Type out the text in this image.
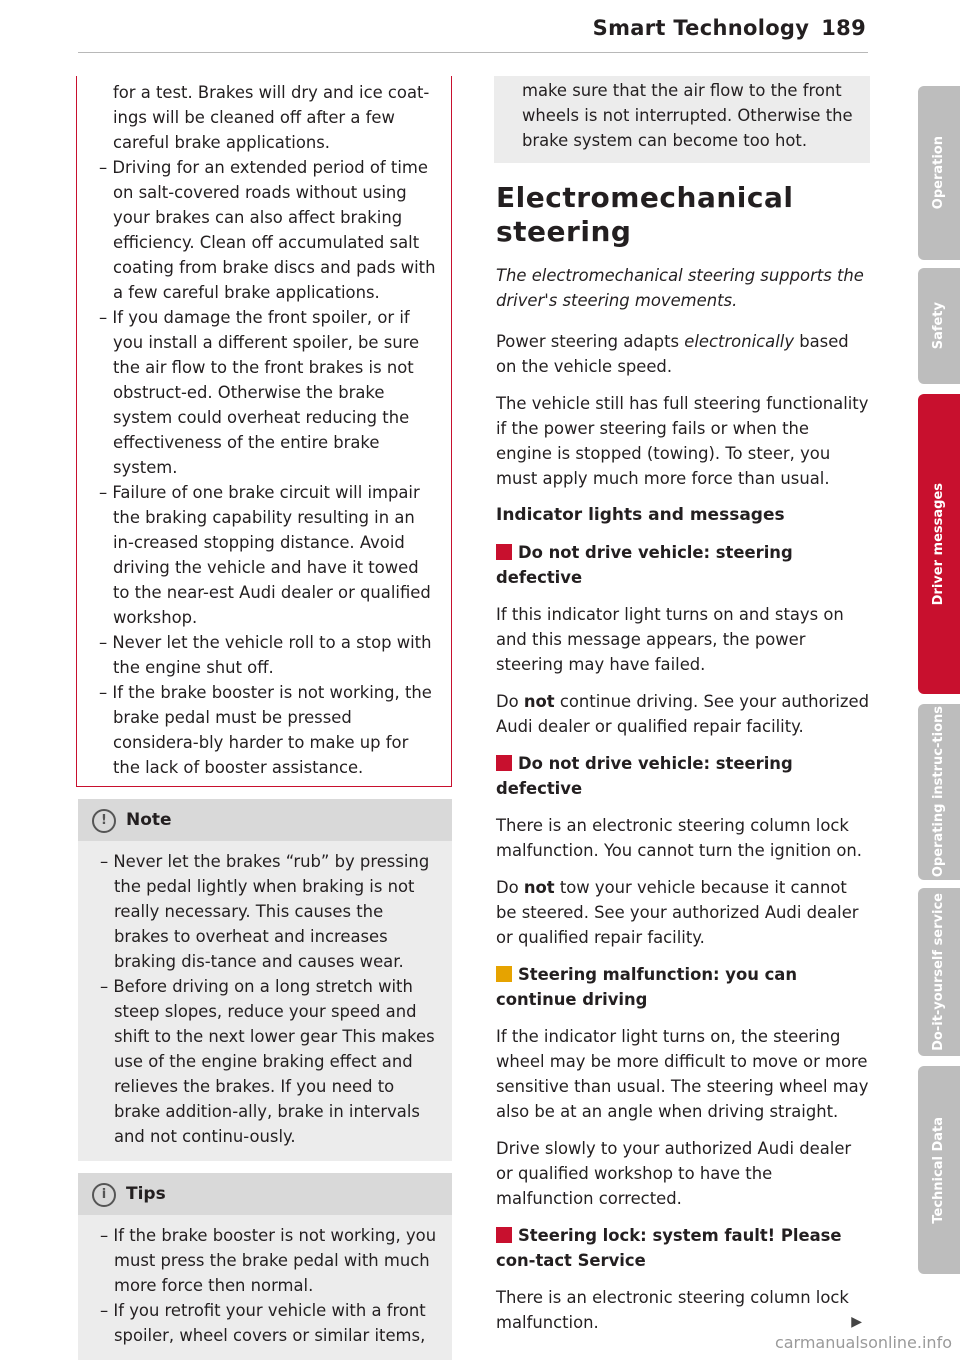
Smart Technology 189

for a test. Brakes will dry and ice coat-ings will be cleaned off after a few careful brake applications.

– Driving for an extended period of time on salt-covered roads without using your brakes can also affect braking efficiency. Clean off accumulated salt coating from brake discs and pads with a few careful brake applications.

– If you damage the front spoiler, or if you install a different spoiler, be sure the air flow to the front brakes is not obstruct-ed. Otherwise the brake system could overheat reducing the effectiveness of the entire brake system.

– Failure of one brake circuit will impair the braking capability resulting in an in-creased stopping distance. Avoid driving the vehicle and have it towed to the near-est Audi dealer or qualified workshop.

– Never let the vehicle roll to a stop with the engine shut off.

– If the brake booster is not working, the brake pedal must be pressed considera-bly harder to make up for the lack of booster assistance.

!	Note

– Never let the brakes “rub” by pressing the pedal lightly when braking is not really necessary. This causes the brakes to overheat and increases braking dis-tance and causes wear.

– Before driving on a long stretch with steep slopes, reduce your speed and shift to the next lower gear This makes use of the engine braking effect and relieves the brakes. If you need to brake addition-ally, brake in intervals and not continu-ously.

i	Tips

– If the brake booster is not working, you must press the brake pedal with much more force then normal.

– If you retrofit your vehicle with a front spoiler, wheel covers or similar items,

make sure that the air flow to the front wheels is not interrupted. Otherwise the brake system can become too hot.

Electromechanical steering

The electromechanical steering supports the driver's steering movements.

Power steering adapts electronically based on the vehicle speed.

The vehicle still has full steering functionality if the power steering fails or when the engine is stopped (towing). To steer, you must apply much more force than usual.

Indicator lights and messages

Do not drive vehicle: steering defective

If this indicator light turns on and stays on and this message appears, the power steering may have failed.

Do not continue driving. See your authorized Audi dealer or qualified repair facility.

Do not drive vehicle: steering defective

There is an electronic steering column lock malfunction. You cannot turn the ignition on.

Do not tow your vehicle because it cannot be steered. See your authorized Audi dealer or qualified repair facility.

Steering malfunction: you can continue driving

If the indicator light turns on, the steering wheel may be more difficult to move or more sensitive than usual. The steering wheel may also be at an angle when driving straight.

Drive slowly to your authorized Audi dealer or qualified workshop to have the malfunction corrected.

Steering lock: system fault! Please con-tact Service

There is an electronic steering column lock malfunction.	▶

Operation
Safety
Driver messages
Operating instruc-tions
Do-it-yourself service
Technical Data
carmanualsonline.info
